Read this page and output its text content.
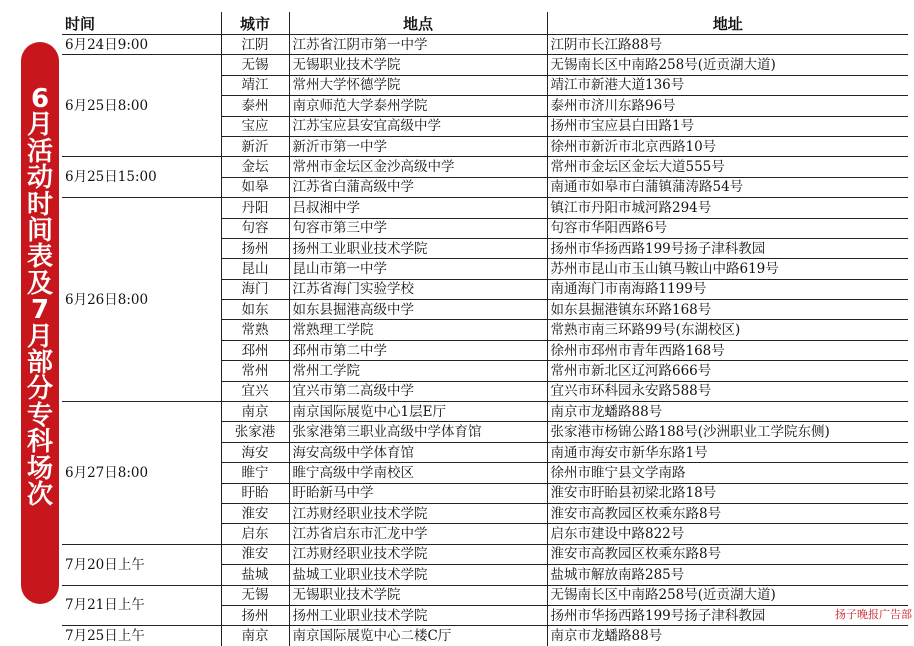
6
月
活
动
时
间
表
及
7
月
部
分
专
科
场
次
时间	城市	地点	地址
6月24日9:00	江阴	江苏省江阴市第一中学	江阴市长江路88号
6月25日8:00	无锡	无锡职业技术学院	无锡南长区中南路258号(近贡湖大道)
	靖江	常州大学怀德学院	靖江市新港大道136号
	泰州	南京师范大学泰州学院	泰州市济川东路96号
	宝应	江苏宝应县安宜高级中学	扬州市宝应县白田路1号
	新沂	新沂市第一中学	徐州市新沂市北京西路10号
6月25日15:00	金坛	常州市金坛区金沙高级中学	常州市金坛区金坛大道555号
	如皋	江苏省白蒲高级中学	南通市如皋市白蒲镇蒲涛路54号
6月26日8:00	丹阳	吕叔湘中学	镇江市丹阳市城河路294号
	句容	句容市第三中学	句容市华阳西路6号
	扬州	扬州工业职业技术学院	扬州市华扬西路199号扬子津科教园
	昆山	昆山市第一中学	苏州市昆山市玉山镇马鞍山中路619号
	海门	江苏省海门实验学校	南通海门市南海路1199号
	如东	如东县掘港高级中学	如东县掘港镇东环路168号
	常熟	常熟理工学院	常熟市南三环路99号(东湖校区)
	邳州	邳州市第二中学	徐州市邳州市青年西路168号
	常州	常州工学院	常州市新北区辽河路666号
	宜兴	宜兴市第二高级中学	宜兴市环科园永安路588号
6月27日8:00	南京	南京国际展览中心1层E厅	南京市龙蟠路88号
	张家港	张家港第三职业高级中学体育馆	张家港市杨锦公路188号(沙洲职业工学院东侧)
	海安	海安高级中学体育馆	南通市海安市新华东路1号
	睢宁	睢宁高级中学南校区	徐州市睢宁县文学南路
	盱眙	盱眙新马中学	淮安市盱眙县初梁北路18号
	淮安	江苏财经职业技术学院	淮安市高教园区枚乘东路8号
	启东	江苏省启东市汇龙中学	启东市建设中路822号
7月20日上午	淮安	江苏财经职业技术学院	淮安市高教园区枚乘东路8号
	盐城	盐城工业职业技术学院	盐城市解放南路285号
7月21日上午	无锡	无锡职业技术学院	无锡南长区中南路258号(近贡湖大道)
	扬州	扬州工业职业技术学院	扬州市华扬西路199号扬子津科教园
7月25日上午	南京	南京国际展览中心二楼C厅	南京市龙蟠路88号
扬子晚报广告部
